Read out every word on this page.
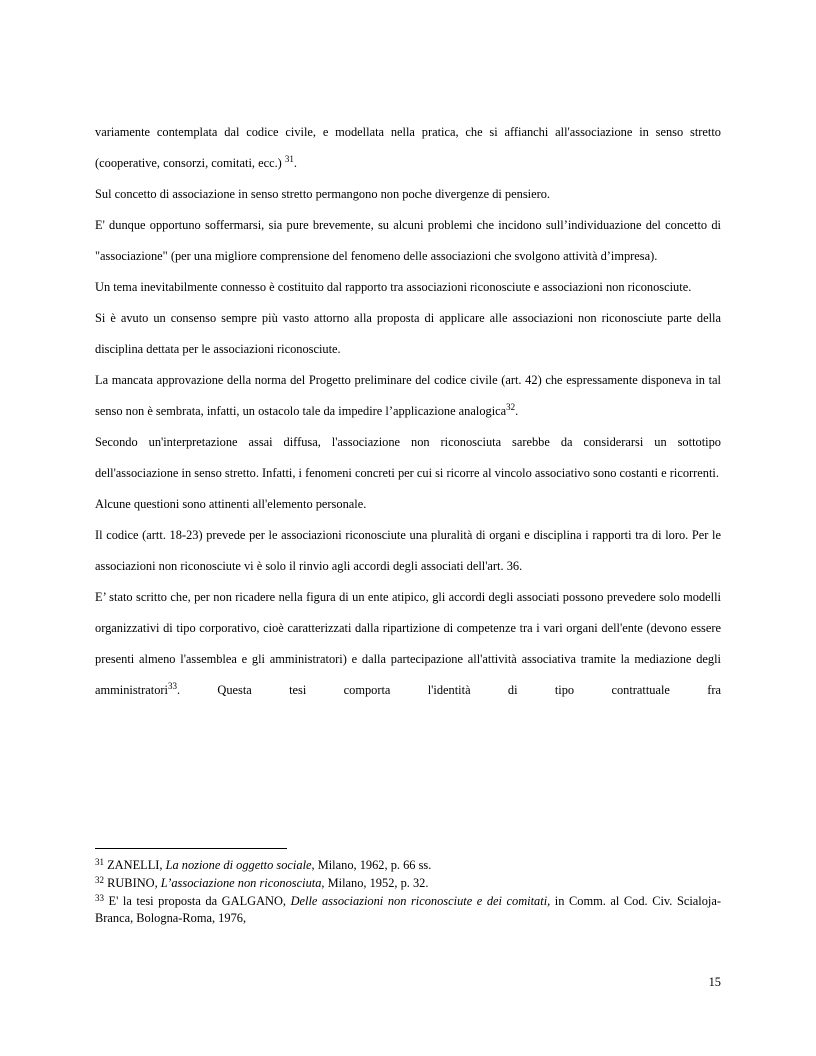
variamente contemplata dal codice civile, e modellata nella pratica, che si affianchi all'associazione in senso stretto (cooperative, consorzi, comitati, ecc.) $^{31}$.

Sul concetto di associazione in senso stretto permangono non poche divergenze di pensiero.

E' dunque opportuno soffermarsi, sia pure brevemente, su alcuni problemi che incidono sull’individuazione del concetto di "associazione" (per una migliore comprensione del fenomeno delle associazioni che svolgono attività d’impresa).

Un tema inevitabilmente connesso è costituito dal rapporto tra associazioni riconosciute e associazioni non riconosciute.

Si è avuto un consenso sempre più vasto attorno alla proposta di applicare alle associazioni non riconosciute parte della disciplina dettata per le associazioni riconosciute.

La mancata approvazione della norma del Progetto preliminare del codice civile (art. 42) che espressamente disponeva in tal senso non è sembrata, infatti, un ostacolo tale da impedire l’applicazione analogica$^{32}$.

Secondo un'interpretazione assai diffusa, l'associazione non riconosciuta sarebbe da considerarsi un sottotipo dell'associazione in senso stretto. Infatti, i fenomeni concreti per cui si ricorre al vincolo associativo sono costanti e ricorrenti.

Alcune questioni sono attinenti all'elemento personale.

Il codice (artt. 18-23) prevede per le associazioni riconosciute una pluralità di organi e disciplina i rapporti tra di loro. Per le associazioni non riconosciute vi è solo il rinvio agli accordi degli associati dell'art. 36.

E’ stato scritto che, per non ricadere nella figura di un ente atipico, gli accordi degli associati possono prevedere solo modelli organizzativi di tipo corporativo, cioè caratterizzati dalla ripartizione di competenze tra i vari organi dell'ente (devono essere presenti almeno l'assemblea e gli amministratori) e dalla partecipazione all'attività associativa tramite la mediazione degli amministratori$^{33}$. Questa tesi comporta l'identità di tipo contrattuale fra

$^{31}$ ZANELLI, La nozione di oggetto sociale, Milano, 1962, p. 66 ss.

$^{32}$ RUBINO, L’associazione non riconosciuta, Milano, 1952, p. 32.

$^{33}$ E' la tesi proposta da GALGANO, Delle associazioni non riconosciute e dei comitati, in Comm. al Cod. Civ. Scialoja-Branca, Bologna-Roma, 1976,

15
